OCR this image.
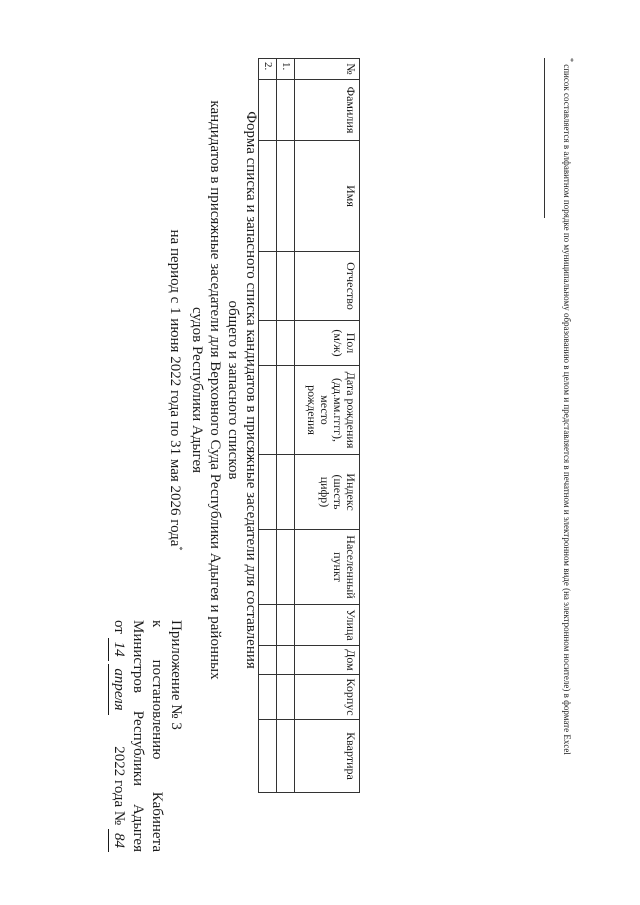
Приложение № 3
к
постановлению
Кабинета
Министров
Республики
Адыгея
от 14 апреля
2022 года № 84
Форма списка и запасного списка кандидатов в присяжные заседатели для составления общего и запасного списков
кандидатов в присяжные заседатели для Верховного Суда Республики Адыгея и районных судов Республики Адыгея
на период с 1 июня 2022 года по 31 мая 2026 года*
№	Фамилия	Имя	Отчество	Пол (м/ж)	Дата рождения (дд.мм.гггг), место рождения	Индекс (шесть цифр)	Населенный пункт	Улица	Дом	Корпус	Квартира
1.											
2.											
* список составляется в алфавитном порядке по муниципальному образованию в целом и представляется в печатном и электронном виде (на электронном носителе) в формате Excel
